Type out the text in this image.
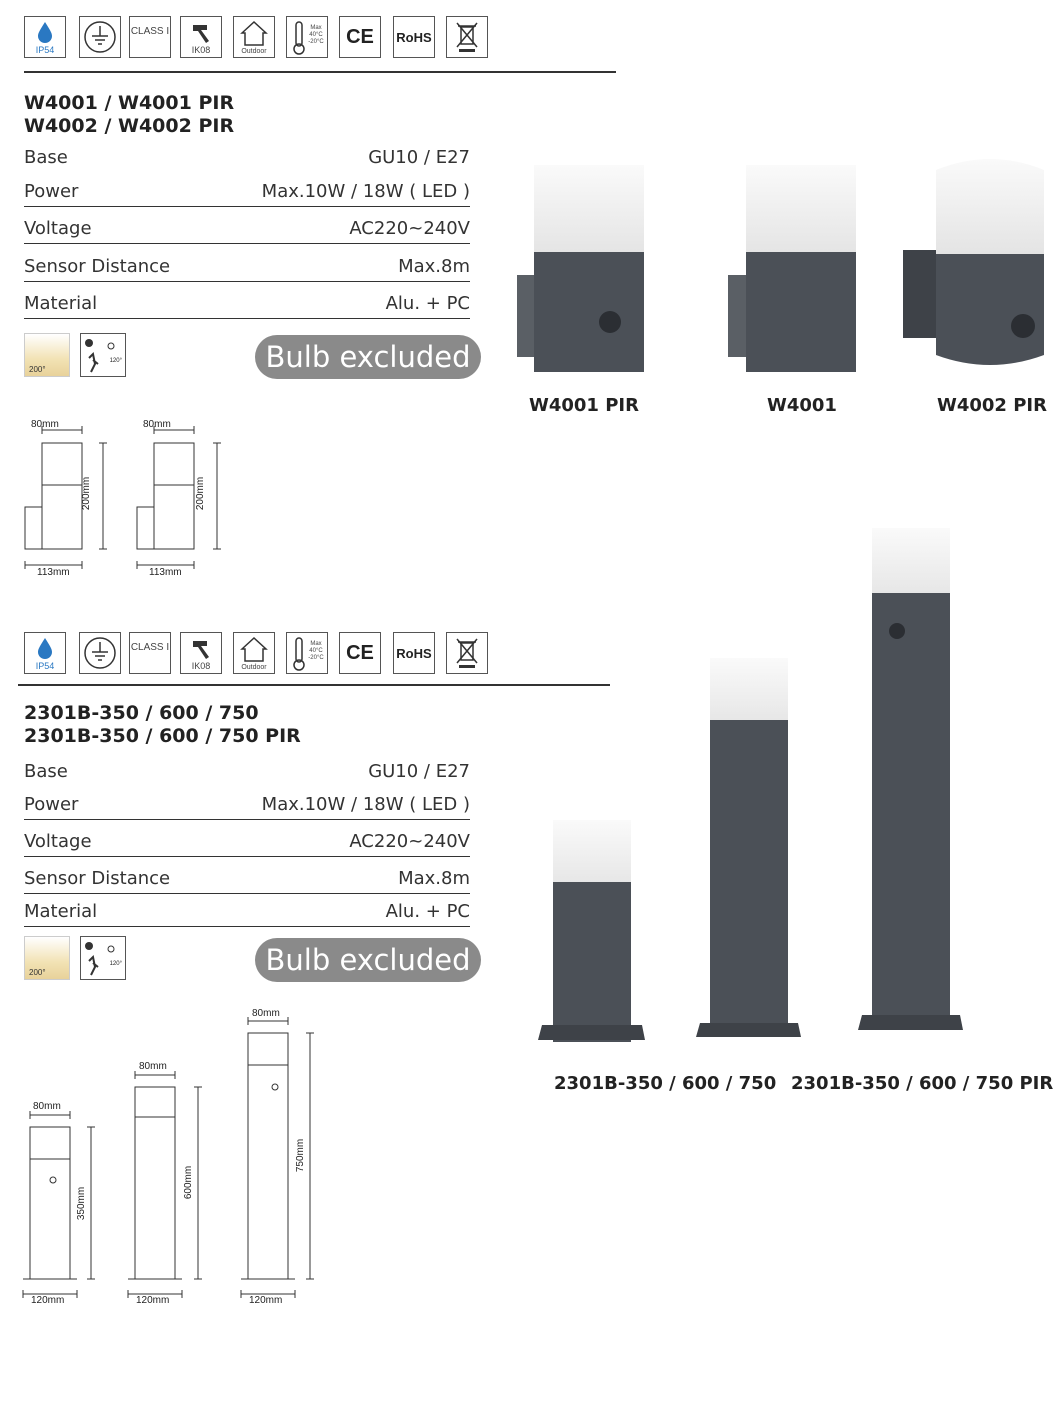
IP54
CLASS I
IK08	Outdoor
Max 40°C -20°C	CE	RoHS
W4001 / W4001 PIR
W4002 / W4002 PIR
Base	GU10 / E27
Power	Max.10W / 18W ( LED )
Voltage	AC220~240V
Sensor Distance	Max.8m
Material	Alu. + PC
200°
120°	Bulb excluded
W4001 PIR	W4001	W4002 PIR
80mm	80mm
200mm	200mm
113mm	113mm
IP54
CLASS I
IK08	Outdoor
Max 40°C -20°C	CE	RoHS
2301B-350 / 600 / 750
2301B-350 / 600 / 750 PIR
Base	GU10 / E27
Power	Max.10W / 18W ( LED )
Voltage	AC220~240V
Sensor Distance	Max.8m
Material	Alu. + PC
200°
120°	Bulb excluded
2301B-350 / 600 / 750 2301B-350 / 600 / 750 PIR
80mm
80mm
80mm
350mm
600mm
750mm
120mm	120mm	120mm
